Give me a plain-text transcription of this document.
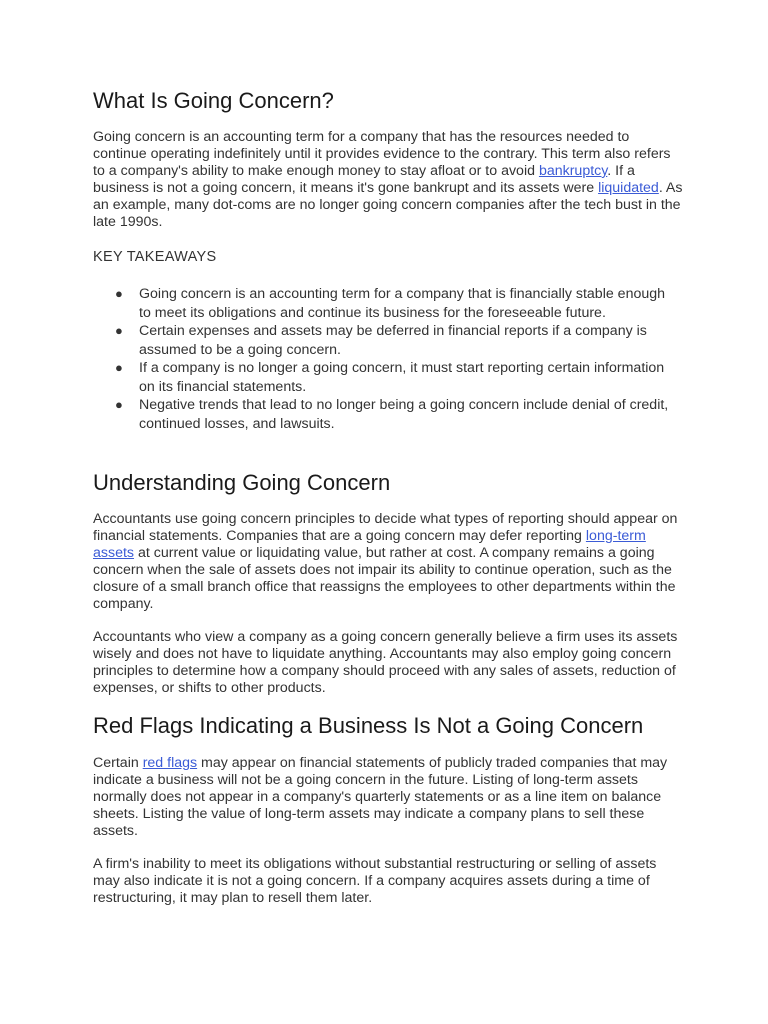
What Is Going Concern?

Going concern is an accounting term for a company that has the resources needed to continue operating indefinitely until it provides evidence to the contrary. This term also refers to a company's ability to make enough money to stay afloat or to avoid bankruptcy. If a business is not a going concern, it means it's gone bankrupt and its assets were liquidated. As an example, many dot-coms are no longer going concern companies after the tech bust in the late 1990s.

KEY TAKEAWAYS
● Going concern is an accounting term for a company that is financially stable enough to meet its obligations and continue its business for the foreseeable future.
● Certain expenses and assets may be deferred in financial reports if a company is assumed to be a going concern.
● If a company is no longer a going concern, it must start reporting certain information on its financial statements.
● Negative trends that lead to no longer being a going concern include denial of credit, continued losses, and lawsuits.
Understanding Going Concern

Accountants use going concern principles to decide what types of reporting should appear on financial statements. Companies that are a going concern may defer reporting long-term assets at current value or liquidating value, but rather at cost. A company remains a going concern when the sale of assets does not impair its ability to continue operation, such as the closure of a small branch office that reassigns the employees to other departments within the company.

Accountants who view a company as a going concern generally believe a firm uses its assets wisely and does not have to liquidate anything. Accountants may also employ going concern principles to determine how a company should proceed with any sales of assets, reduction of expenses, or shifts to other products.

Red Flags Indicating a Business Is Not a Going Concern

Certain red flags may appear on financial statements of publicly traded companies that may indicate a business will not be a going concern in the future. Listing of long-term assets normally does not appear in a company's quarterly statements or as a line item on balance sheets. Listing the value of long-term assets may indicate a company plans to sell these assets.

A firm's inability to meet its obligations without substantial restructuring or selling of assets may also indicate it is not a going concern. If a company acquires assets during a time of restructuring, it may plan to resell them later.
